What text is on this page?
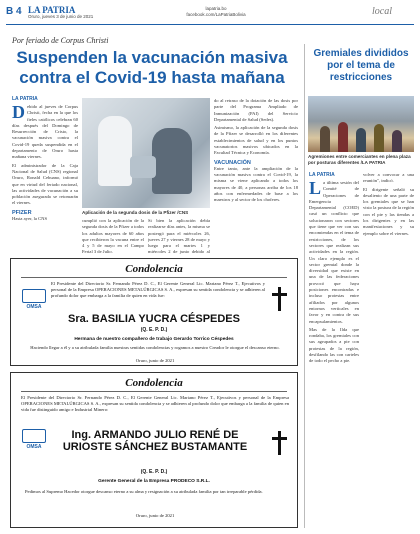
B 4 LA PATRIA
Oruro, jueves 3 de junio de 2021
lapatria.bo
facebook.com/LaPatriaBolivia	local
Por feriado de Corpus Christi
Suspenden la vacunación masiva contra el Covid-19 hasta mañana
LA PATRIA
Debido al jueves de Corpus Christi, fecha en la que los fieles católicos celebran 60 días después del Domingo de Resurrección de Cristo, la vacunación masiva contra el Covid-19 queda suspendida en el departamento de Oruro hasta mañana viernes.

El administrador de la Caja Nacional de Salud (CNS) regional Oruro, Ronald Cebuano, informó que en virtud del feriado nacional, las actividades de vacunación a su población asegurada se retomarán el viernes.

PFIZER

Hasta ayer, la CNS

Aplicación de la segunda dosis de la Pfizer /CNS

cumplió con la aplicación de la segunda dosis de la Pfizer a todos los adultos mayores de 60 años que recibieron la vacuna entre el 4 y 5 de mayo en el Campo Ferial 3 de Julio.

Si bien la aplicación debía realizarse días antes, la misma se postergó para el miércoles 26, jueves 27 y viernes 28 de mayo y luego para el martes 1 y miércoles 2 de junio debido al

do al retraso de la dotación de las dosis por parte del Programa Ampliado de Inmunización (PAI) del Servicio Departamental de Salud (Sedes).

Asimismo, la aplicación de la segunda dosis de la Pfizer se desarrolló en los diferentes establecimientos de salud y en los puntos vacunatorios masivos ubicados en la Facultad Técnica y Economía.

VACUNACIÓN

Entre tanto, ante la ampliación de la vacunación masiva contra el Covid-19, la misma se viene aplicando a todos los mayores de 40, a personas arriba de los 18 años con enfermedades de base a los maestros y al sector de los choferes.

Condolencia
OMSA
El Presidente del Directorio Sr. Fernando Pérez D. C., El Gerente General Lic. Mariano Pérez T., Ejecutivos y personal de la Empresa OPERACIONES METALÚRGICAS S. A., expresan su sentida condolencia y se adhieren al profundo dolor que embarga a la familia de quien en vida fue:
Sra. BASILIA YUCRA CÉSPEDES
(Q. E. P. D.)
Hermana de nuestro compañero de trabajo Gerardo Torrico Céspedes
Haciendo llegar a él y a su atribulada familia nuestras sentidas condolencias y rogamos a nuestro Creador le otorgue el descanso eterno.
Oruro, junio de 2021
Condolencia
El Presidente del Directorio Sr. Fernando Pérez D. C., El Gerente General Lic. Mariano Pérez T., Ejecutivos y personal de la Empresa OPERACIONES METALÚRGICAS S. A., expresan su sentida condolencia y se adhieren al profundo dolor que embarga a la familia de quien en vida fue distinguido amigo e Industrial Minero:
OMSA
Ing. ARMANDO JULIO RENÉ DE URIOSTE SÁNCHEZ BUSTAMANTE
(Q. E. P. D.)
Gerente General de la Empresa PRODECO S.R.L.
Pedimos al Supremo Hacedor otorgue descanso eterno a su alma y resignación a su atribulada familia por tan irreparable pérdida.
Oruro, junio de 2021
Gremiales divididos por el tema de restricciones
Agremiones entre comerciantes en plena plaza por posturas diferentes /LA PATRIA
LA PATRIA
La última sesión del Comité de Operaciones de Emergencia Departamental (COED) casó un conflicto que solucionaron con sectores que tiene que ver con sus encomiendas en el tema de restricciones, de los sectores que realizan sus actividades en la región. Un claro ejemplo es el sector gremial donde la diversidad que existe en una de las federaciones provocó que haya posiciones encontradas e incluso protestas entre afiliados por algunos entornos verticales en favor y en contra de sus encapsulamientos.

Mas de la Ilda que rondaba, los gremiales con sus agrupados a pie con protestas de la región, desfilando las con carteles de todo el pecho a pie.

volver a convocar a una reunión", indicó.

El dirigente señaló su desaliento de una parte de los gremiales que se han visto la postura de la región con el pie y las tiendas a los dirigentes y en las manifestaciones y su ejemplo sobre el viernes.
